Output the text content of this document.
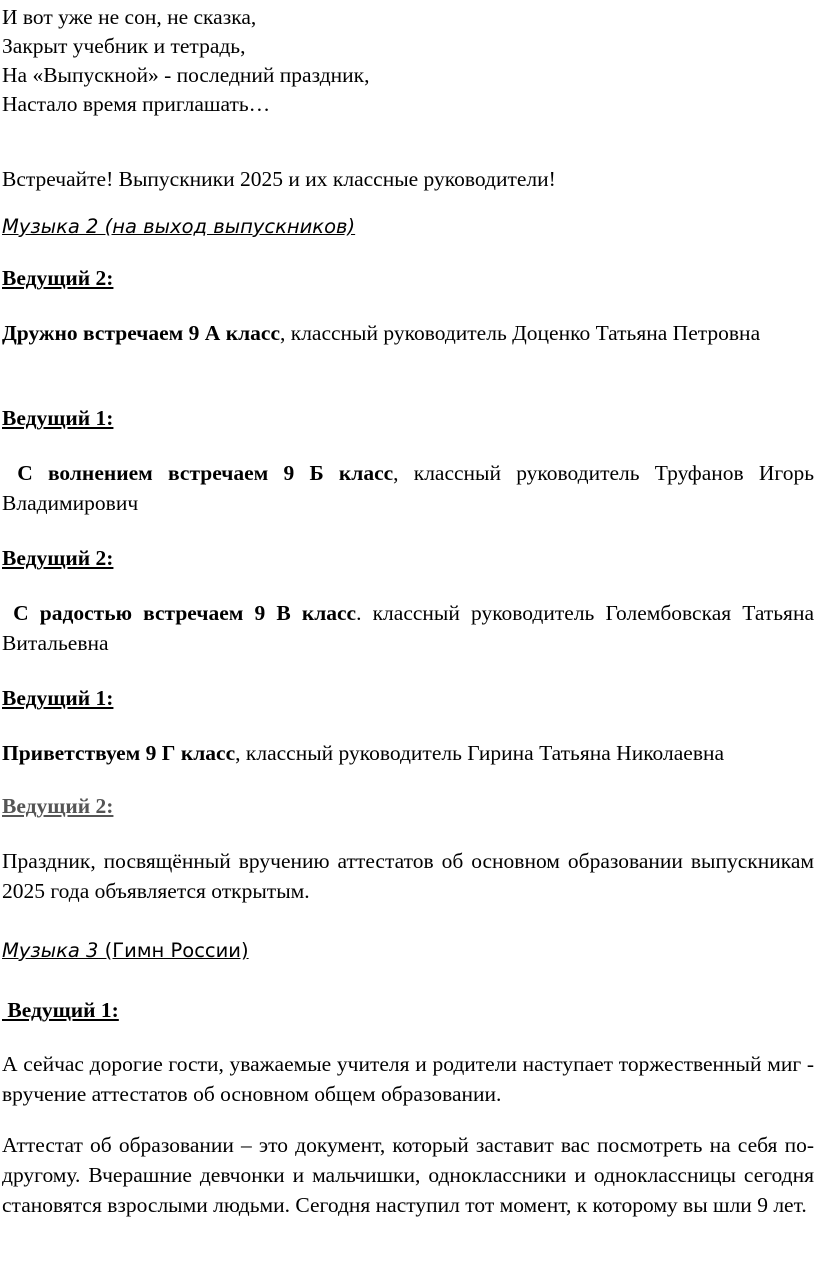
И вот уже не сон, не сказка,
Закрыт учебник и тетрадь,
На «Выпускной» - последний праздник,
Настало время приглашать…
Встречайте! Выпускники 2025 и их классные руководители!
Музыка 2 (на выход выпускников)
Ведущий 2:
Дружно встречаем 9 А класс, классный руководитель Доценко Татьяна Петровна
Ведущий 1:
С волнением встречаем 9 Б класс, классный руководитель Труфанов Игорь Владимирович
Ведущий 2:
С радостью встречаем 9 В класс. классный руководитель Голембовская Татьяна Витальевна
Ведущий 1:
Приветствуем 9 Г класс, классный руководитель Гирина Татьяна Николаевна
Ведущий 2:
Праздник, посвящённый вручению аттестатов об основном образовании выпускникам 2025 года объявляется открытым.
Музыка 3 (Гимн России)
Ведущий 1:
А сейчас дорогие гости, уважаемые учителя и родители наступает торжественный миг - вручение аттестатов об основном общем образовании.
Аттестат об образовании – это документ, который заставит вас посмотреть на себя по-другому. Вчерашние девчонки и мальчишки, одноклассники и одноклассницы сегодня становятся взрослыми людьми. Сегодня наступил тот момент, к которому вы шли 9 лет.
